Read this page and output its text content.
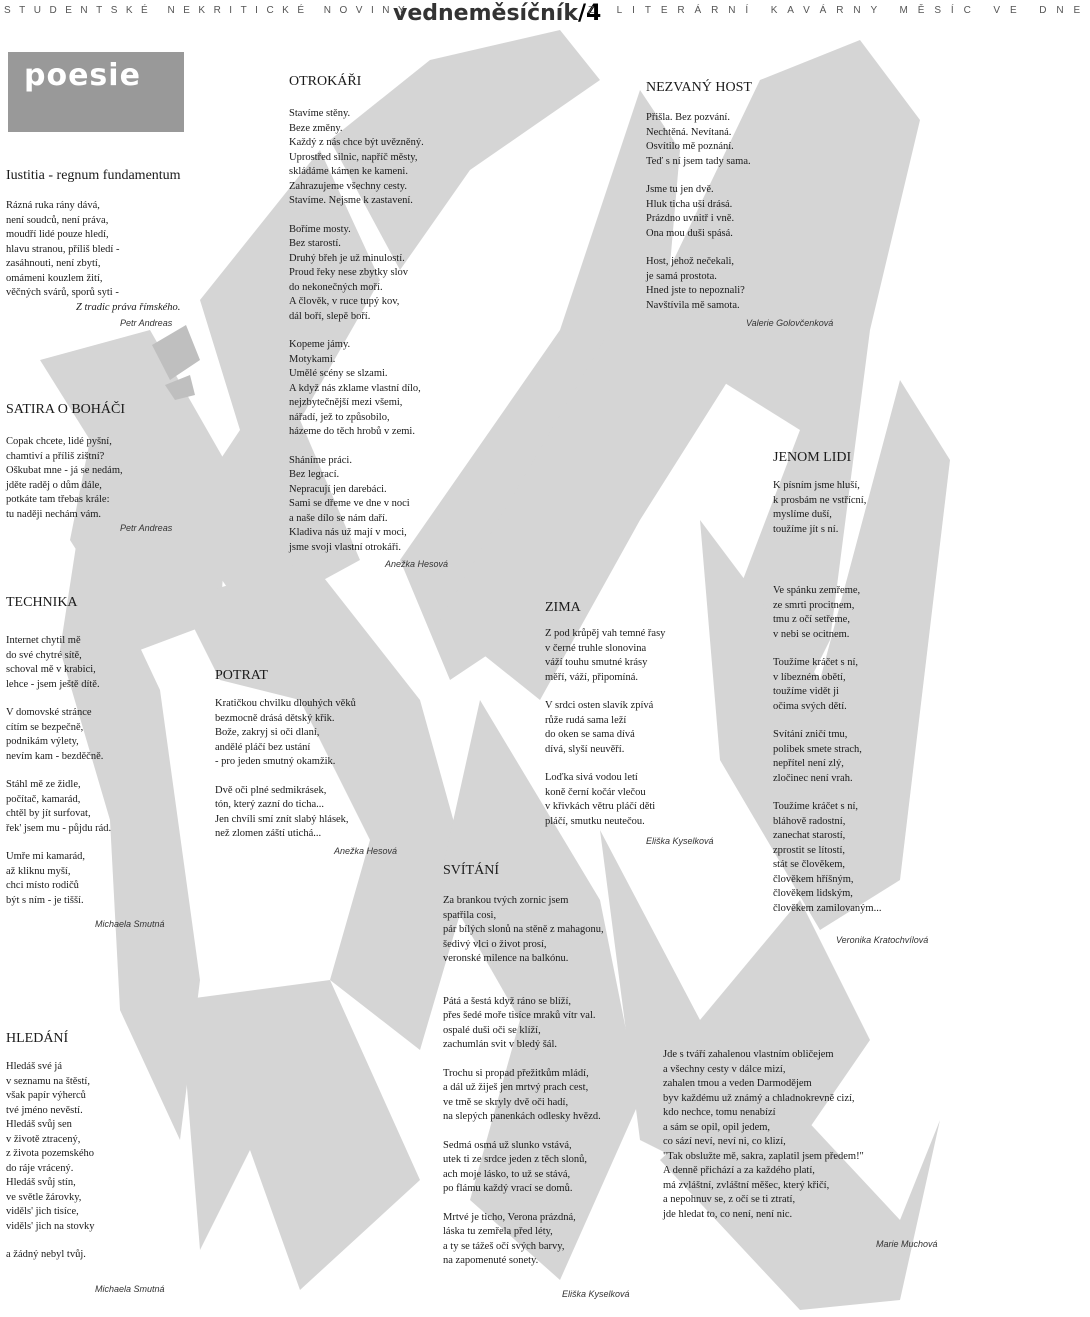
STUDENTSKÉ NEKRITICKÉ NOVINY
vedneměsíčník/4
Z LITERÁRNÍ KAVÁRNY MĚSÍC VE DNE
poesie
Iustitia - regnum fundamentum
Rázná ruka rány dává,
není soudců, není práva,
moudří lidé pouze hledí,
hlavu stranou, příliš bledí -
zasáhnouti, není zbytí,
omámeni kouzlem žití,
věčných svárů, sporů syti -
Z tradic práva římského.
Petr Andreas
SATIRA O BOHÁČI
Copak chcete, lidé pyšní,
chamtiví a příliš zištní?
Oškubat mne - já se nedám,
jděte raděj o dům dále,
potkáte tam třebas krále:
tu naději nechám vám.
Petr Andreas
TECHNIKA
Internet chytil mě
do své chytré sítě,
schoval mě v krabici,
lehce - jsem ještě dítě.
V domovské stránce
cítím se bezpečně,
podnikám výlety,
nevím kam - bezděčně.
Stáhl mě ze židle,
počítač, kamarád,
chtěl by jít surfovat,
řek' jsem mu - půjdu rád.
Umře mi kamarád,
až kliknu myší,
chci místo rodičů
být s ním - je tišší.
Michaela Smutná
HLEDÁNÍ
Hledáš své já
v seznamu na štěstí,
však papír výherců
tvé jméno nevěstí.
Hledáš svůj sen
v životě ztracený,
z života pozemského
do ráje vrácený.
Hledáš svůj stín,
ve světle žárovky,
viděls' jich tisíce,
viděls' jich na stovky
a žádný nebyl tvůj.
Michaela Smutná
OTROKÁŘI
Stavíme stěny.
Beze změny.
Každý z nás chce být uvězněný.
Uprostřed silnic, napříč městy,
skládáme kámen ke kameni.
Zahrazujeme všechny cesty.
Stavíme. Nejsme k zastavení.
Boříme mosty.
Bez starostí.
Druhý břeh je už minulostí.
Proud řeky nese zbytky slov
do nekonečných moří.
A člověk, v ruce tupý kov,
dál boří, slepě boří.
Kopeme jámy.
Motykami.
Umělé scény se slzami.
A když nás zklame vlastní dílo,
nejzbytečnější mezi všemi,
nářadí, jež to způsobilo,
házeme do těch hrobů v zemi.
Sháníme práci.
Bez legrací.
Nepracují jen darebáci.
Sami se dřeme ve dne v noci
a naše dílo se nám daří.
Kladiva nás už mají v moci,
jsme svoji vlastní otrokáři.
Anežka Hesová
POTRAT
Kratičkou chvilku dlouhých věků
bezmocně drásá dětský křik.
Bože, zakryj si oči dlaní,
andělé pláčí bez ustání
- pro jeden smutný okamžik.
Dvě oči plné sedmikrásek,
tón, který zazní do ticha...
Jen chvíli smí znít slabý hlásek,
než zlomen záští utichá...
Anežka Hesová
NEZVANÝ HOST
Přišla. Bez pozvání.
Nechtěná. Nevítaná.
Osvítilo mě poznání.
Teď s ní jsem tady sama.
Jsme tu jen dvě.
Hluk ticha uši drásá.
Prázdno uvnitř i vně.
Ona mou duši spásá.
Host, jehož nečekali,
je samá prostota.
Hned jste to nepoznali?
Navštívila mě samota.
Valerie Golovčenková
JENOM LIDI
K písním jsme hluší,
k prosbám ne vstřícní,
myslíme duší,
toužíme jít s ní.
Ve spánku zemřeme,
ze smrti procitnem,
tmu z očí setřeme,
v nebi se ocitnem.
Toužíme kráčet s ní,
v líbezném obětí,
toužíme vidět ji
očima svých dětí.
Svítání zničí tmu,
polibek smete strach,
nepřítel není zlý,
zločinec není vrah.
Toužíme kráčet s ní,
bláhově radostní,
zanechat starostí,
zprostit se lítostí,
stát se člověkem,
člověkem hříšným,
člověkem lidským,
člověkem zamilovaným...
Veronika Kratochvílová
ZIMA
Z pod krůpěj vah temné řasy
v černé truhle slonovina
váží touhu smutné krásy
měří, váží, připomíná.
V srdci osten slavík zpívá
růže rudá sama leží
do oken se sama dívá
dívá, slyší neuvěří.
Loďka sivá vodou letí
koně černí kočár vlečou
v křivkách větru pláčí děti
pláčí, smutku neutečou.
Eliška Kyselková
SVÍTÁNÍ
Za brankou tvých zornic jsem
spatřila cosi,
pár bílých slonů na stěně z mahagonu,
šedivý vlci o život prosí,
veronské milence na balkónu.
Pátá a šestá když ráno se blíží,
přes šedé moře tisíce mraků vítr val.
ospalé duši oči se klíží,
zachumlán svit v bledý šál.
Trochu si propad přežitkům mládí,
a dál už žiješ jen mrtvý prach cest,
ve tmě se skryly dvě oči hadí,
na slepých panenkách odlesky hvězd.
Sedmá osmá už slunko vstává,
utek ti ze srdce jeden z těch slonů,
ach moje lásko, to už se stává,
po flámu každý vrací se domů.
Mrtvé je ticho, Verona prázdná,
láska tu zemřela před léty,
a ty se tážeš očí svých barvy,
na zapomenuté sonety.
Eliška Kyselková
Jde s tváří zahalenou vlastním obličejem
a všechny cesty v dálce mizí,
zahalen tmou a veden Darmodějem
byv každému už známý a chladnokrevně cizí,
kdo nechce, tomu nenabízí
a sám se opil, opil jedem,
co sází neví, neví ni, co klizí,
"Tak obslužte mě, sakra, zaplatil jsem předem!"
A denně přichází a za každého platí,
má zvláštní, zvláštní měšec, který křičí,
a nepohnuv se, z očí se ti ztratí,
jde hledat to, co není, není nic.
Marie Muchová
